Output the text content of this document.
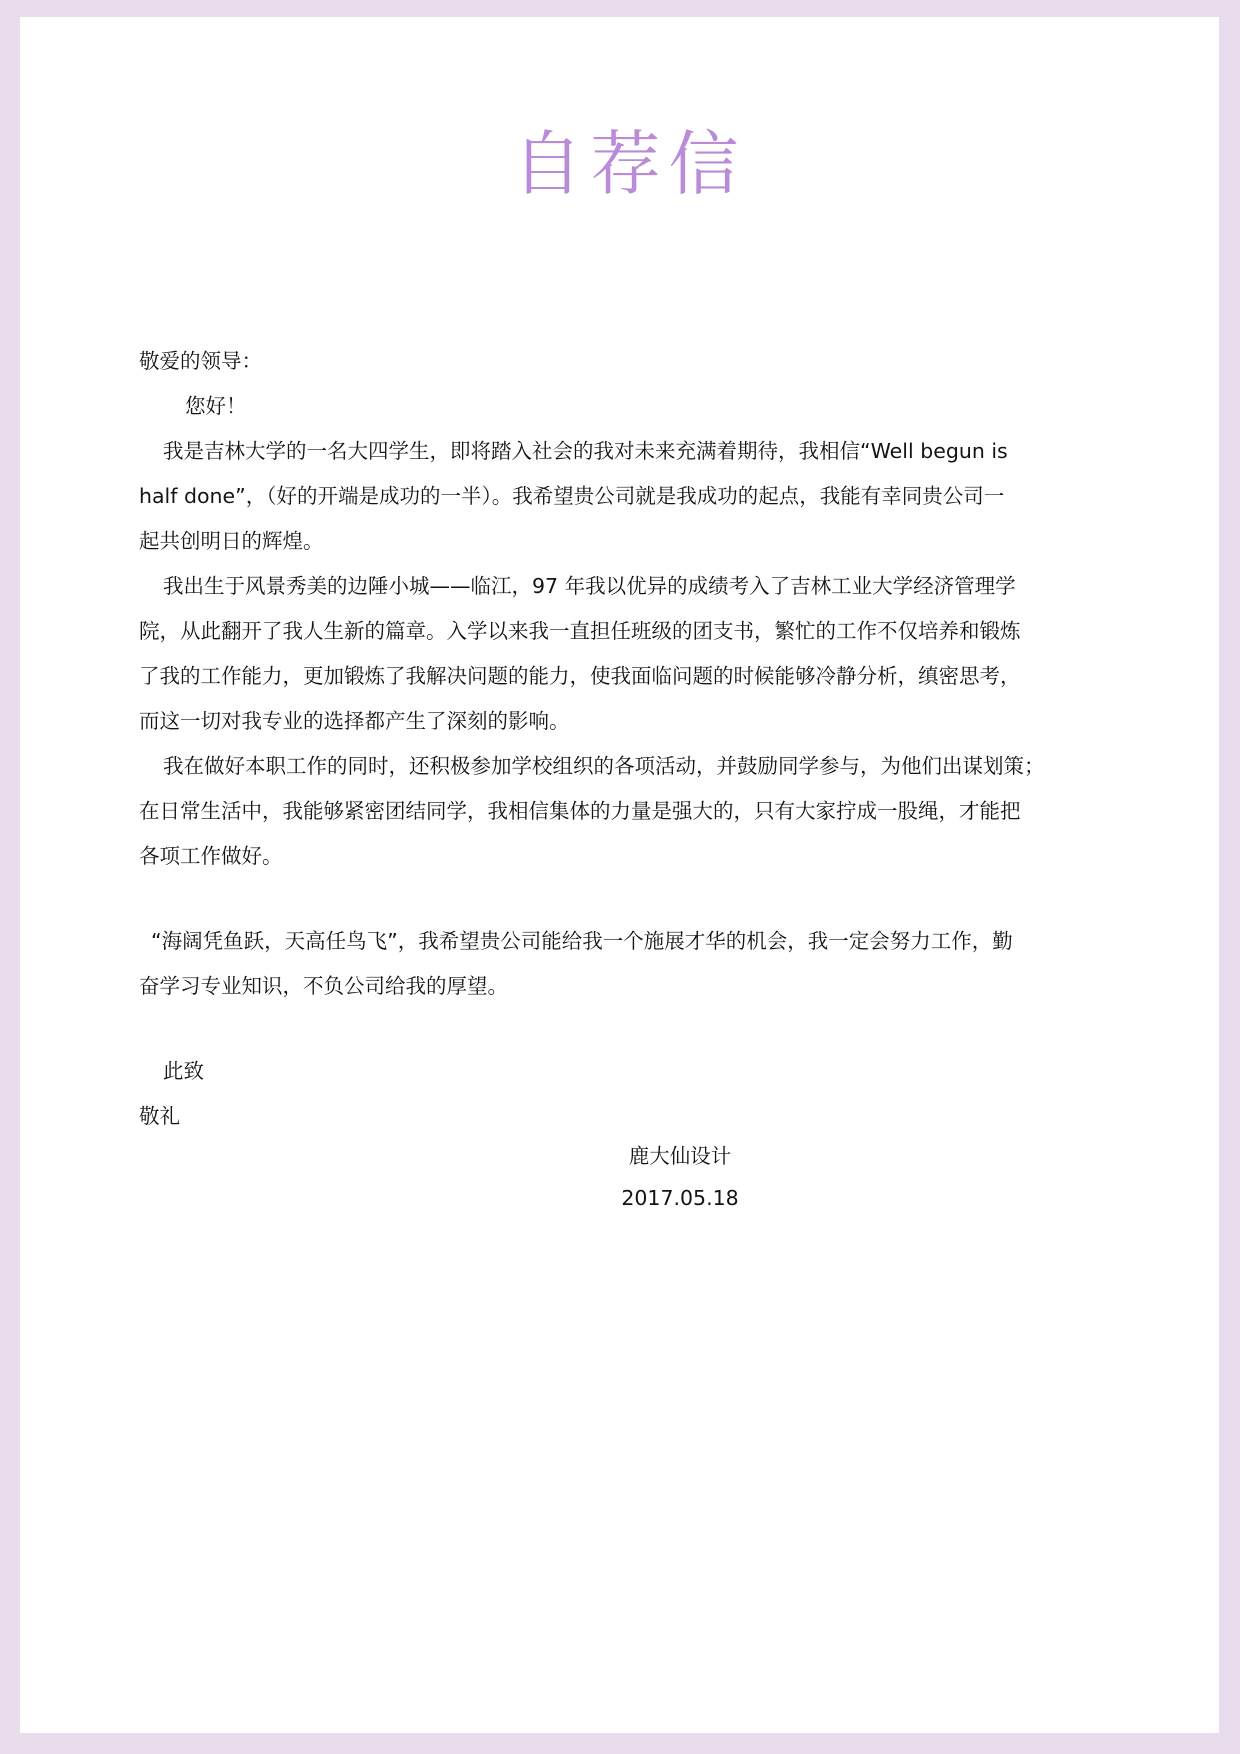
自荐信
敬爱的领导：
您好！
我是吉林大学的一名大四学生，即将踏入社会的我对未来充满着期待，我相信“Well begun is
half done”，（好的开端是成功的一半）。我希望贵公司就是我成功的起点，我能有幸同贵公司一
起共创明日的辉煌。
我出生于风景秀美的边陲小城——临江，97 年我以优异的成绩考入了吉林工业大学经济管理学
院，从此翻开了我人生新的篇章。入学以来我一直担任班级的团支书，繁忙的工作不仅培养和锻炼
了我的工作能力，更加锻炼了我解决问题的能力，使我面临问题的时候能够冷静分析，缜密思考，
而这一切对我专业的选择都产生了深刻的影响。
我在做好本职工作的同时，还积极参加学校组织的各项活动，并鼓励同学参与，为他们出谋划策；
在日常生活中，我能够紧密团结同学，我相信集体的力量是强大的，只有大家拧成一股绳，才能把
各项工作做好。
“海阔凭鱼跃，天高任鸟飞”，我希望贵公司能给我一个施展才华的机会，我一定会努力工作，勤
奋学习专业知识，不负公司给我的厚望。
此致
敬礼
鹿大仙设计
2017.05.18
